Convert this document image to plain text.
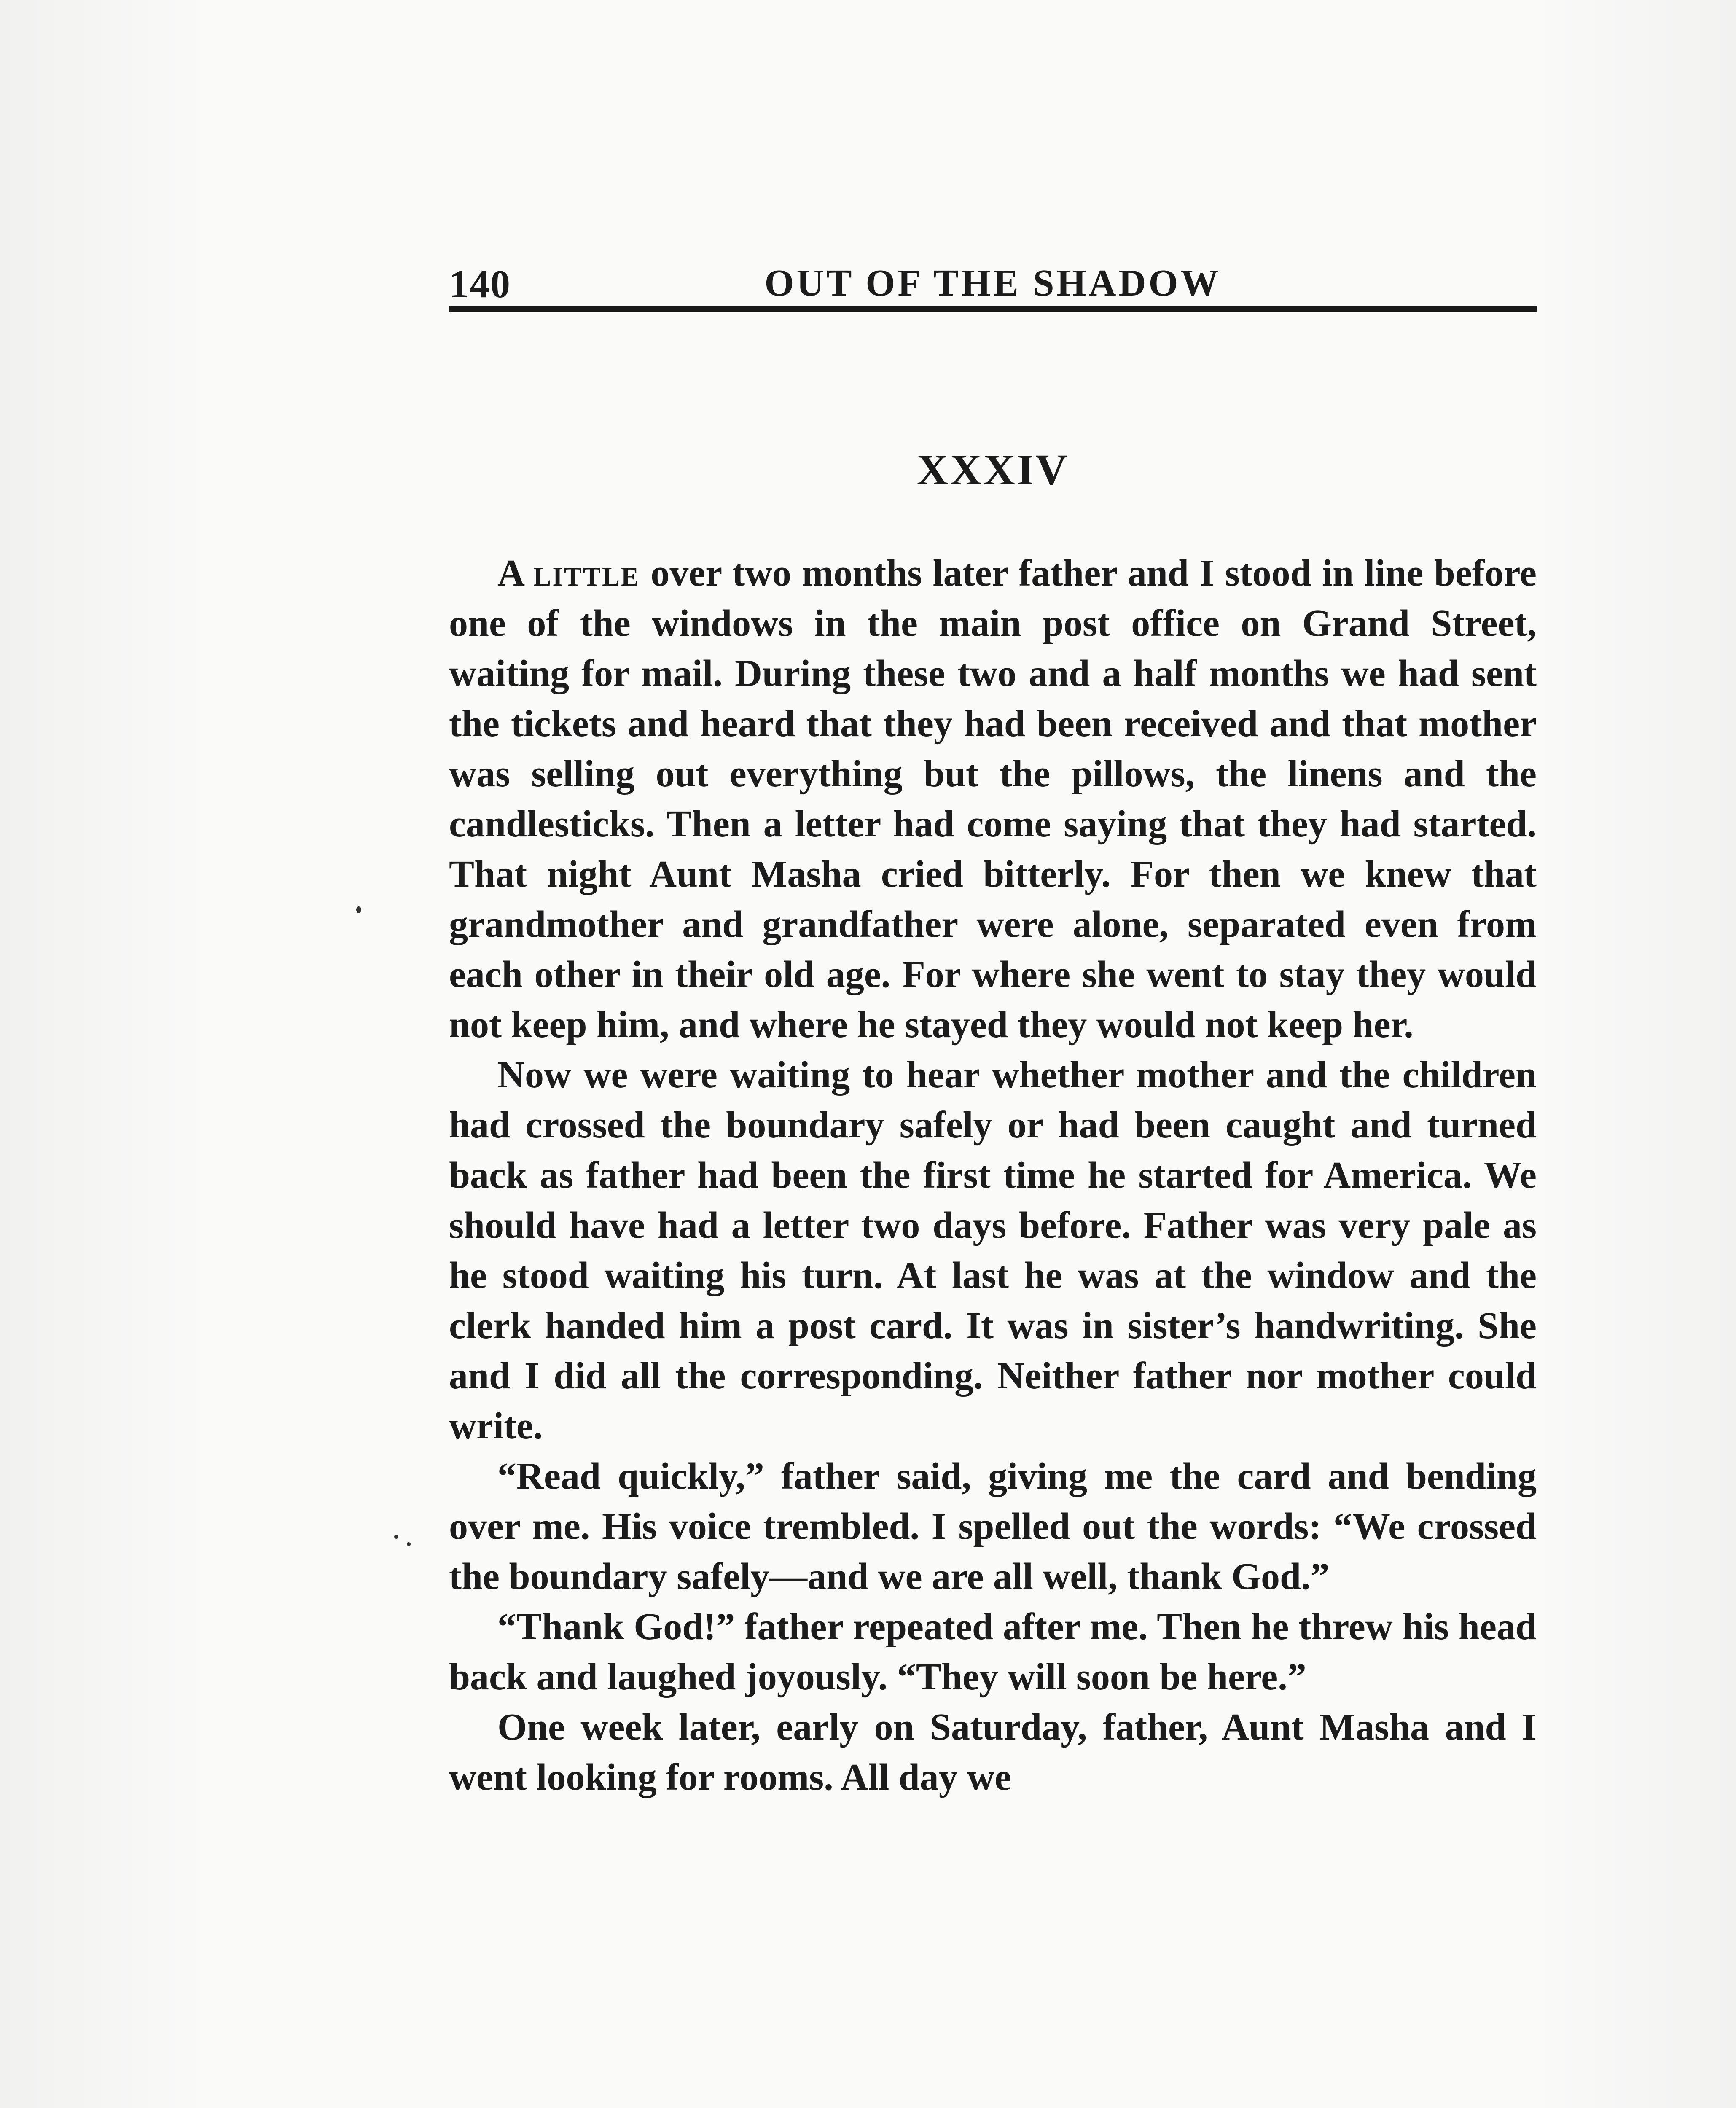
140	OUT OF THE SHADOW
XXXIV

A little over two months later father and I stood in line before one of the windows in the main post office on Grand Street, waiting for mail. During these two and a half months we had sent the tickets and heard that they had been received and that mother was selling out everything but the pillows, the linens and the candlesticks. Then a letter had come saying that they had started. That night Aunt Masha cried bitterly. For then we knew that grandmother and grandfather were alone, separated even from each other in their old age. For where she went to stay they would not keep him, and where he stayed they would not keep her.

Now we were waiting to hear whether mother and the children had crossed the boundary safely or had been caught and turned back as father had been the first time he started for America. We should have had a letter two days before. Father was very pale as he stood waiting his turn. At last he was at the window and the clerk handed him a post card. It was in sister’s handwriting. She and I did all the corresponding. Neither father nor mother could write.

“Read quickly,” father said, giving me the card and bending over me. His voice trembled. I spelled out the words: “We crossed the boundary safely—and we are all well, thank God.”

“Thank God!” father repeated after me. Then he threw his head back and laughed joyously. “They will soon be here.”

One week later, early on Saturday, father, Aunt Masha and I went looking for rooms. All day we
